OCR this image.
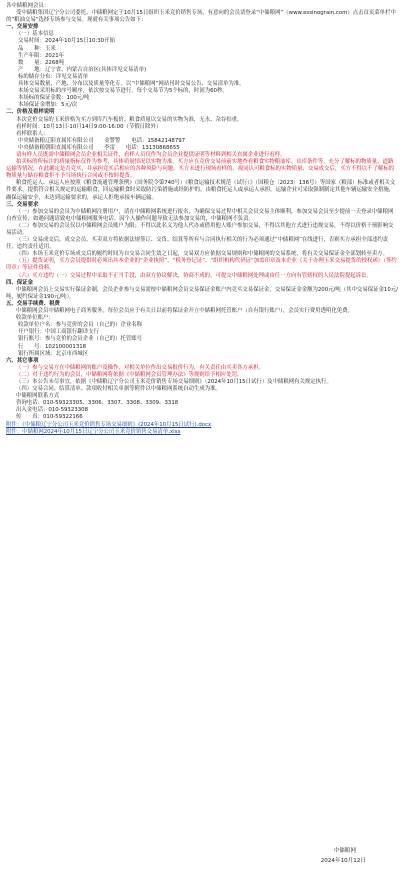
各中储粮网会员：

受中储粮集团辽宁分公司委托，中储粮网定于10月15日组织玉米竞价销售专场，有意向的会员请登录“中储粮网”（www.essinograin.com）点击首页菜单栏中的“粮油交易”选择专场参与交易。现就有关事项公告如下：

一、交易安排

（一）基本信息

交易时间：2024年10月15日10:30开始

品　　种：玉米

生产年限：2021年

数　　量：2268吨

产　　地：辽宁省、内蒙古自治区(具体详见交易清单)

标的储存分布：详见交易清单

具体交易数量、产地、分布以及质量等化专，以“中储粮网”网站刊时交易公告、交易清单为准。

本场交易采用标的序号顺序，依次按交易节进行，每个交易节为5个标的，时间为60秒。

本场标的保证金数：100元/吨

本场保证金增加：5元/次

二、价格及看样说明

本次竞价交易的玉米价格为买方到库汽车板价。粮食质量以交易的实物为准，无水、杂谷扣重。

看样时间：10月13日-10月14日9:00-16:00（节假日除外）

看样联系人：

中央储备粮辽阳直属库有限公司　　金警警　　电话：15842148797

中央储备粮朝阳直属库有限公司　　李雷　　电话：13130868655

请有样人员既需中储粮网会员企业相关证件，看样人员仅作为会员企业提供证明等材料到相关直属企业进行看样。

拍卖标的所标注的质量指标仅作为参考，具体质量情况以实物为准。买方应在竞价交易前前实地查看粮食实物粮油库、出库条件等，充分了解标的物质量、道路运输等情况，在此确定是否竞买，并承担竞买后相应的各种风险与问题。买方未进行现场看样的，视同认可粮食标的实物质量、交易成交后，买方不得以不了解标的物质量与储存粮食拒不予当场执行合同或不按时提货。

粮食托运人、承运人应按照《粮食流通管理条例》（国务院令第740号）《粮食运输技术规范（试行）》（国粮仓〔2023〕136号）等国家（粮部）标准或者相关文件要求，提供符合相关规定的运输粮食，回运输粮食时采取防污染措施或经防护的，由粮食托运人或承运人承担。运输企业可采取强制制定其他车辆运输安全措施，确保运输安全，未达到运输要求的，承运人拒绝承接车辆运输。

三、交易要求

（一）参加交易的会员为中储粮网注册用户，请在中储粮网系统进行报名，为确保交易过程中相关会员交易主体顺利，参加交易会员至少提前一天登录中储粮网自查宣传，如遇问题请致电中储粮网服务电话。因个人操作问题导致无法参加交易的，中储粮网不负责。

（二）参加交易的会员仅以中储粮网会员账户为限；不得以此名义为他人代办或借用他人账户参加交易，不得以其他方式进行违规交易，不得以价格干预影响交易活动。

（三）交易成交后，成交会员、买卖双方将依据法规签订、交货、结算等所有与合同执行相关的行为必须通过“中储粮网”在线进行，否则买方承担全部违约责任，违约责任适用。

（四）本场玉米竞价专场成交后的履约时间为自交易合同生效之日起，交易双方应依据交易规则和中储粮网的交易系统，将有关交易保证金全部划转至卖方。

（五）提货证明，买方会员提供时必须出具本企业的“企业执照”、“税务登记证”、“组织机构代码证”加盖印章及本企业《关于办理玉米交易提货的授权函》（签约印章）等证件资料。

（六）买方违约（一）交易过程中采取不正当手段，由双方协议解决，协商不成的，可提交中储粮网处理或由任一方向有管辖权的人民法院提起诉讼。

四、保证金

中储粮网会员上交易实行保证金制，会员企业参与交易需按中储粮网会员交易保证金账户内竞买交易保证金，交易保证金金额为200元/吨（其中交易保证金10元/吨，履约保证金190元/吨）。

五、交易手续费、税费

中储粮网会员中储粮网电子商务服务，每位会员应于有关日以前将保证金开立中储粮网托管账户（自有银行账户），会员实行费用透明化免费。

收款单位账户：

收款单位户名：参与竞价的会员（自己的）企业名称

开户银行：中国工商银行翻译支行

银行账号：参与竞价的会员企业（自己的）托管账号

行　　号：102100001318

银行所属区域：北京市西城区

六、其它事项

（一）参与交易方在中储粮网的账户及操作，对相关单位作出交易报价行为，有关责任由买卖各方承担。

（二）对于违约行为的会员，中储粮网将依据《中储粮网会员管理办法》等规则给予相应处罚。

（三）本公告未尽事宜，依据《中储粮辽宁分公司玉米竞价销售专场交易细则》（2024年10月15日试行）及中储粮网有关规定执行。

（四）交易合同、结算清单、款项收付相关单据等附件以中储粮网系统自动生成为准。

中储粮网联系方式

咨询电话：010-59323305、3306、3307、3308、3309、3318

出入金电话：010-59323308

传　　真：010-59322166

附件：《中储粮辽宁分公司玉米竞价销售专场交易细则》(2024年10月15日试行).docx

附件：中储粮网2024年10月15日辽宁分公司玉米竞价销售交易清单.xlsx

中储粮网
2024年10月12日
